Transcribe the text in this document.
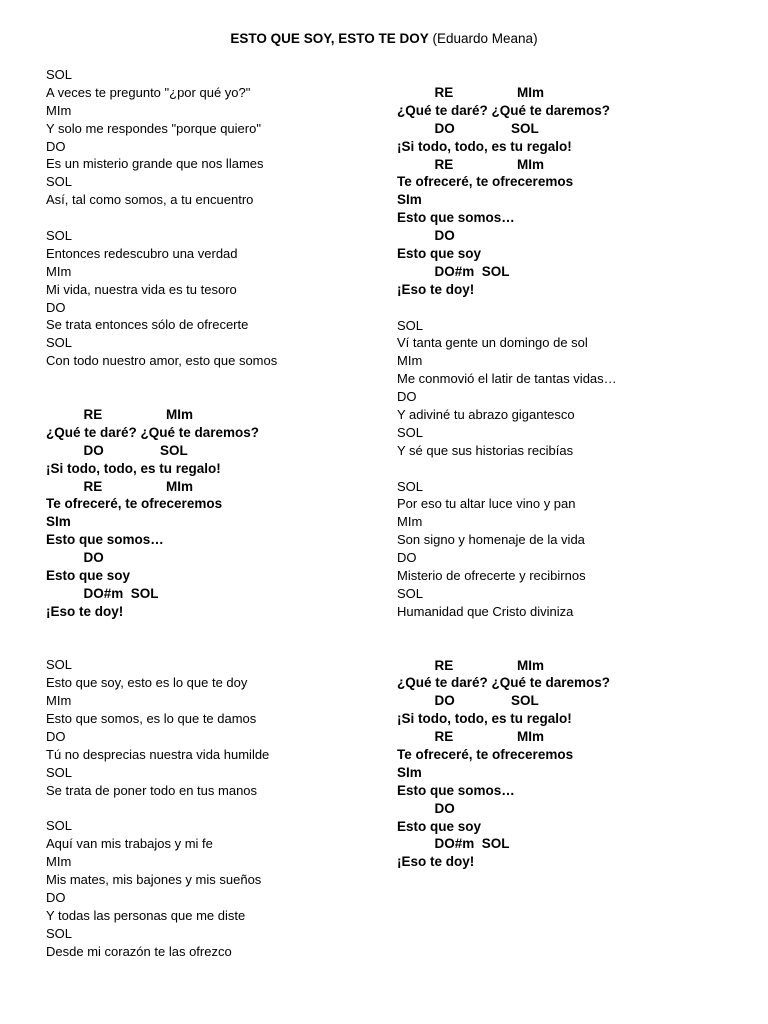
ESTO QUE SOY, ESTO TE DOY (Eduardo Meana)
SOL
A veces te pregunto "¿por qué yo?"
MIm
Y solo me respondes "porque quiero"
DO
Es un misterio grande que nos llames
SOL
Así, tal como somos, a tu encuentro
SOL
Entonces redescubro una verdad
MIm
Mi vida, nuestra vida es tu tesoro
DO
Se trata entonces sólo de ofrecerte
SOL
Con todo nuestro amor, esto que somos
RE                 MIm
¿Qué te daré? ¿Qué te daremos?
DO               SOL
¡Si todo, todo, es tu regalo!
RE                 MIm
Te ofreceré, te ofreceremos
SIm
Esto que somos…
DO
Esto que soy
DO#m  SOL
¡Eso te doy!
SOL
Esto que soy, esto es lo que te doy
MIm
Esto que somos, es lo que te damos
DO
Tú no desprecias nuestra vida humilde
SOL
Se trata de poner todo en tus manos
SOL
Aquí van mis trabajos y mi fe
MIm
Mis mates, mis bajones y mis sueños
DO
Y todas las personas que me diste
SOL
Desde mi corazón te las ofrezco
RE                 MIm
¿Qué te daré? ¿Qué te daremos?
DO               SOL
¡Si todo, todo, es tu regalo!
RE                 MIm
Te ofreceré, te ofreceremos
SIm
Esto que somos…
DO
Esto que soy
DO#m  SOL
¡Eso te doy!
SOL
Ví tanta gente un domingo de sol
MIm
Me conmovió el latir de tantas vidas…
DO
Y adiviné tu abrazo gigantesco
SOL
Y sé que sus historias recibías
SOL
Por eso tu altar luce vino y pan
MIm
Son signo y homenaje de la vida
DO
Misterio de ofrecerte y recibirnos
SOL
Humanidad que Cristo diviniza
RE                 MIm
¿Qué te daré? ¿Qué te daremos?
DO               SOL
¡Si todo, todo, es tu regalo!
RE                 MIm
Te ofreceré, te ofreceremos
SIm
Esto que somos…
DO
Esto que soy
DO#m  SOL
¡Eso te doy!
